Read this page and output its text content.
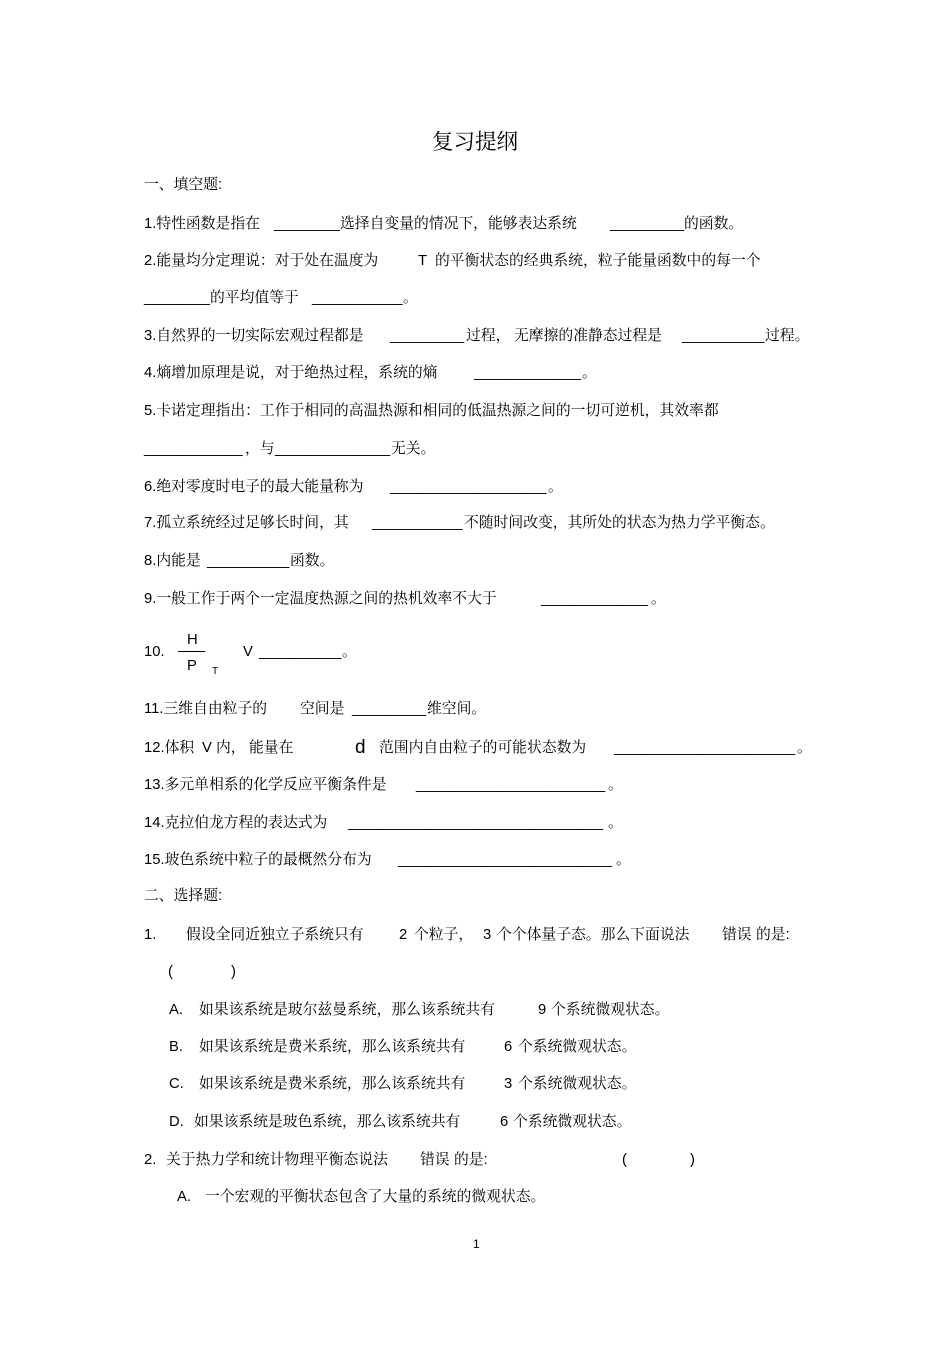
复习提纲
一、填空题:
1.特性函数是指在 ________ 选择自变量的情况下，能够表达系统 _________ 的函数。
2.能量均分定理说：对于处在温度为	T 的平衡状态的经典系统，粒子能量函数中的每一个
________ 的平均值等于 ___________ 。
3.自然界的一切实际宏观过程都是 _________ 过程， 无摩擦的准静态过程是 __________ 过程。
4.熵增加原理是说，对于绝热过程，系统的熵 _____________ 。
5.卡诺定理指出：工作于相同的高温热源和相同的低温热源之间的一切可逆机，其效率都
____________ ，与 ______________ 无关。
6.绝对零度时电子的最大能量称为 ___________________ 。
7.孤立系统经过足够长时间，其 ___________ 不随时间改变，其所处的状态为热力学平衡态。
8.内能是 __________ 函数。
9.一般工作于两个一定温度热源之间的热机效率不大于	_____________ 。
10.
H
P T
V __________ 。
11.三维自由粒子的 空间是 _________ 维空间。
12.体积 V 内， 能量在	d 范围内自由粒子的可能状态数为 ______________________ 。
13.多元单相系的化学反应平衡条件是 _______________________ 。
14.克拉伯龙方程的表达式为 _______________________________ 。
15.玻色系统中粒子的最概然分布为 __________________________ 。
二、选择题:
1. 假设全同近独立子系统只有 2 个粒子， 3 个个体量子态。那么下面说法 错误 的是:
(	)
A. 如果该系统是玻尔兹曼系统，那么该系统共有	9 个系统微观状态。
B. 如果该系统是费米系统，那么该系统共有	6 个系统微观状态。
C. 如果该系统是费米系统，那么该系统共有	3 个系统微观状态。
D. 如果该系统是玻色系统，那么该系统共有	6 个系统微观状态。
2. 关于热力学和统计物理平衡态说法 错误 的是:	(	)
A. 一个宏观的平衡状态包含了大量的系统的微观状态。
1
